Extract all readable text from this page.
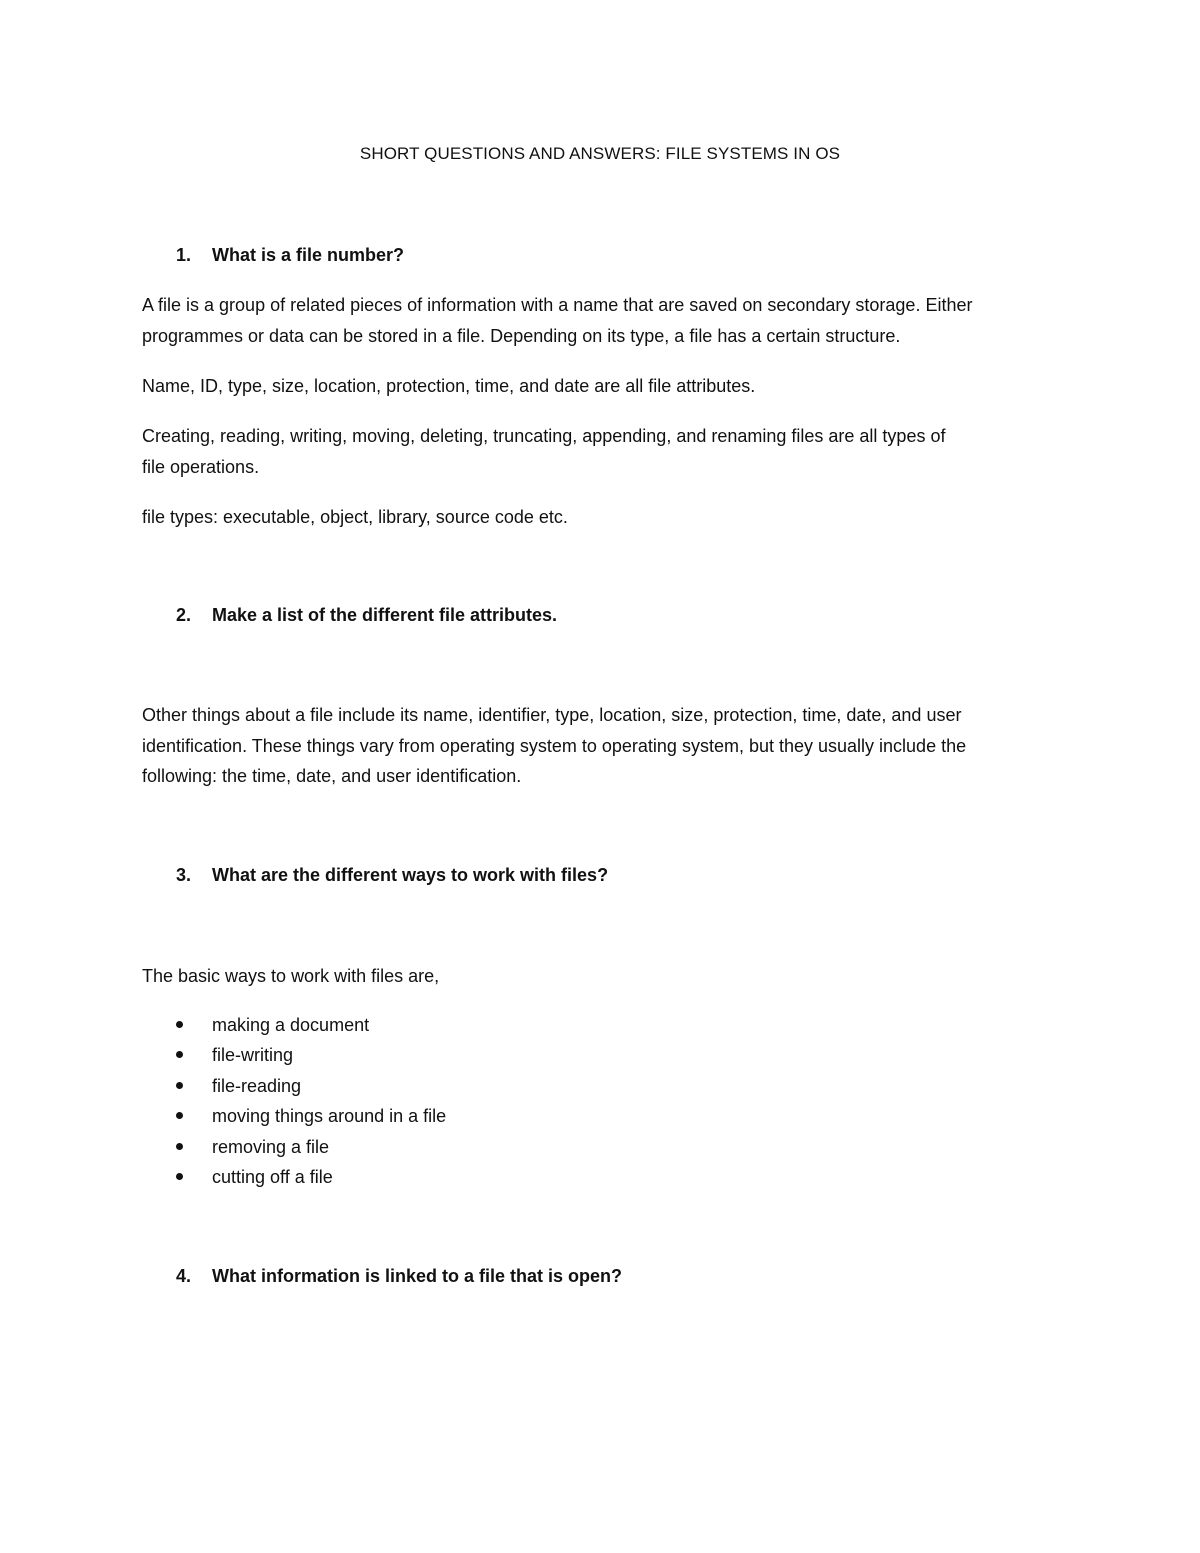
SHORT QUESTIONS AND ANSWERS: FILE SYSTEMS IN OS
1. What is a file number?
A file is a group of related pieces of information with a name that are saved on secondary storage. Either
programmes or data can be stored in a file. Depending on its type, a file has a certain structure.
Name, ID, type, size, location, protection, time, and date are all file attributes.
Creating, reading, writing, moving, deleting, truncating, appending, and renaming files are all types of
file operations.
file types: executable, object, library, source code etc.
2. Make a list of the different file attributes.
Other things about a file include its name, identifier, type, location, size, protection, time, date, and user
identification. These things vary from operating system to operating system, but they usually include the
following: the time, date, and user identification.
3. What are the different ways to work with files?
The basic ways to work with files are,
making a document
file-writing
file-reading
moving things around in a file
removing a file
cutting off a file
4. What information is linked to a file that is open?
